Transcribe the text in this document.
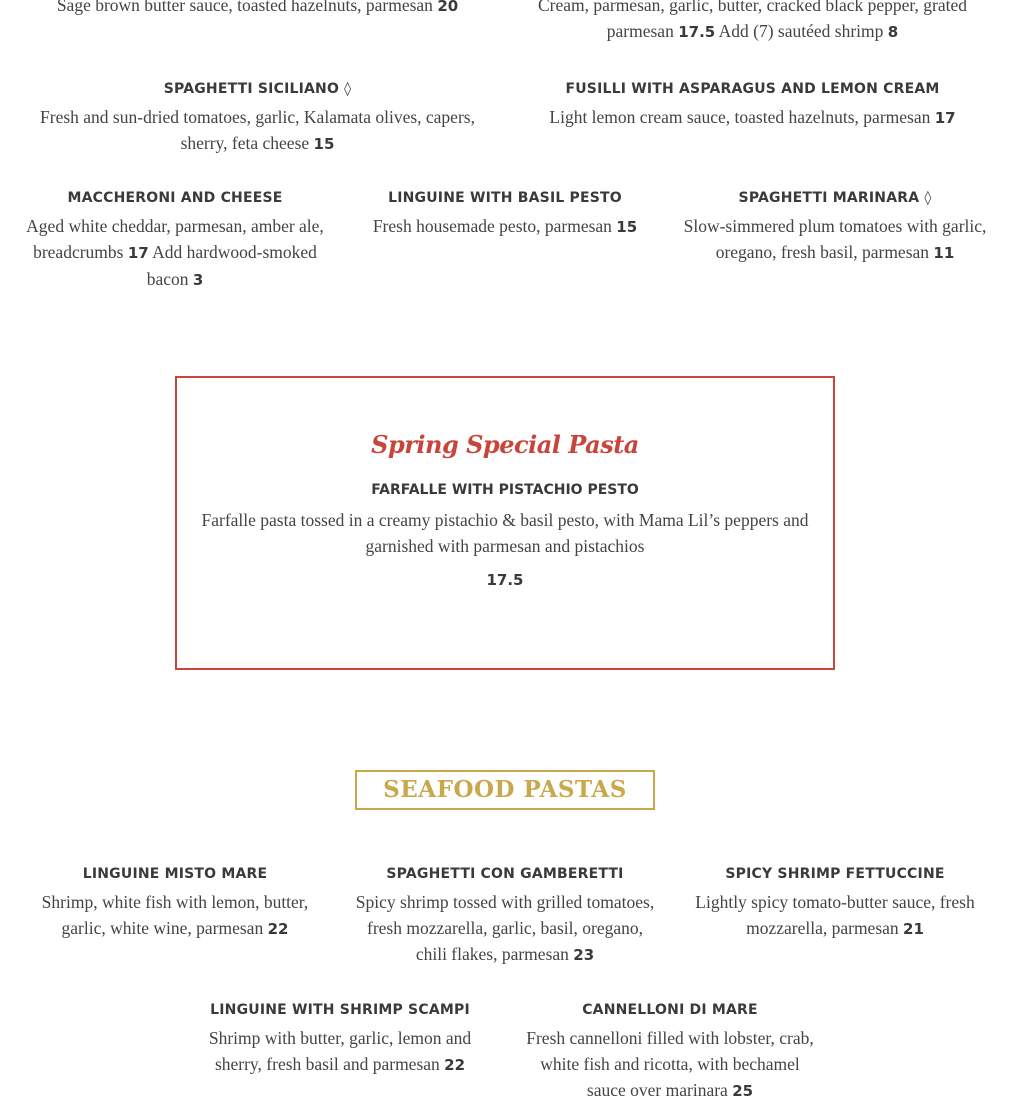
Sage brown butter sauce, toasted hazelnuts, parmesan 20	Cream, parmesan, garlic, butter, cracked black pepper, grated parmesan 17.5 Add (7) sautéed shrimp 8
SPAGHETTI SICILIANO ◊
Fresh and sun-dried tomatoes, garlic, Kalamata olives, capers, sherry, feta cheese 15
FUSILLI WITH ASPARAGUS AND LEMON CREAM
Light lemon cream sauce, toasted hazelnuts, parmesan 17
MACCHERONI AND CHEESE
Aged white cheddar, parmesan, amber ale, breadcrumbs 17 Add hardwood-smoked bacon 3
LINGUINE WITH BASIL PESTO
Fresh housemade pesto, parmesan 15
SPAGHETTI MARINARA ◊
Slow-simmered plum tomatoes with garlic, oregano, fresh basil, parmesan 11
Spring Special Pasta
FARFALLE WITH PISTACHIO PESTO
Farfalle pasta tossed in a creamy pistachio & basil pesto, with Mama Lil’s peppers and garnished with parmesan and pistachios
17.5
SEAFOOD PASTAS
LINGUINE MISTO MARE
Shrimp, white fish with lemon, butter, garlic, white wine, parmesan 22
SPAGHETTI CON GAMBERETTI
Spicy shrimp tossed with grilled tomatoes, fresh mozzarella, garlic, basil, oregano, chili flakes, parmesan 23
SPICY SHRIMP FETTUCCINE
Lightly spicy tomato-butter sauce, fresh mozzarella, parmesan 21
LINGUINE WITH SHRIMP SCAMPI
Shrimp with butter, garlic, lemon and sherry, fresh basil and parmesan 22
CANNELLONI DI MARE
Fresh cannelloni filled with lobster, crab, white fish and ricotta, with bechamel sauce over marinara 25
